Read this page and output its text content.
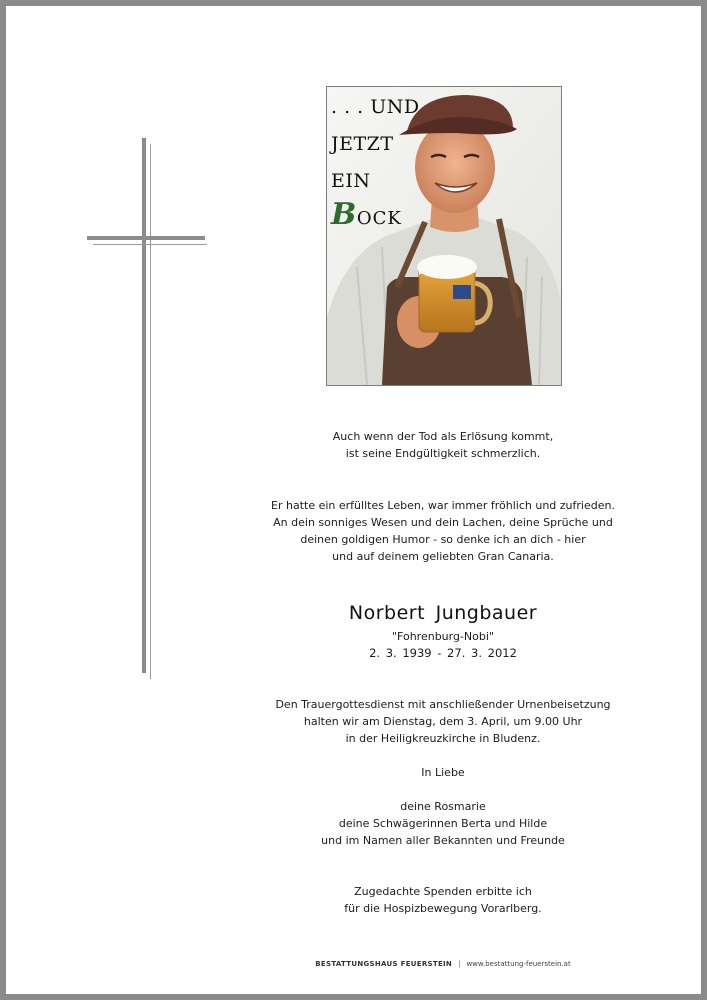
. . . UND
JETZT
EIN
BOCK
Auch wenn der Tod als Erlösung kommt,
ist seine Endgültigkeit schmerzlich.
Er hatte ein erfülltes Leben, war immer fröhlich und zufrieden.
An dein sonniges Wesen und dein Lachen, deine Sprüche und
deinen goldigen Humor - so denke ich an dich - hier
und auf deinem geliebten Gran Canaria.
Norbert Jungbauer
"Fohrenburg-Nobi"
2. 3. 1939 - 27. 3. 2012
Den Trauergottesdienst mit anschließender Urnenbeisetzung
halten wir am Dienstag, dem 3. April, um 9.00 Uhr
in der Heiligkreuzkirche in Bludenz.
In Liebe
deine Rosmarie
deine Schwägerinnen Berta und Hilde
und im Namen aller Bekannten und Freunde
Zugedachte Spenden erbitte ich
für die Hospizbewegung Vorarlberg.
BESTATTUNGSHAUS FEUERSTEIN | www.bestattung-feuerstein.at
